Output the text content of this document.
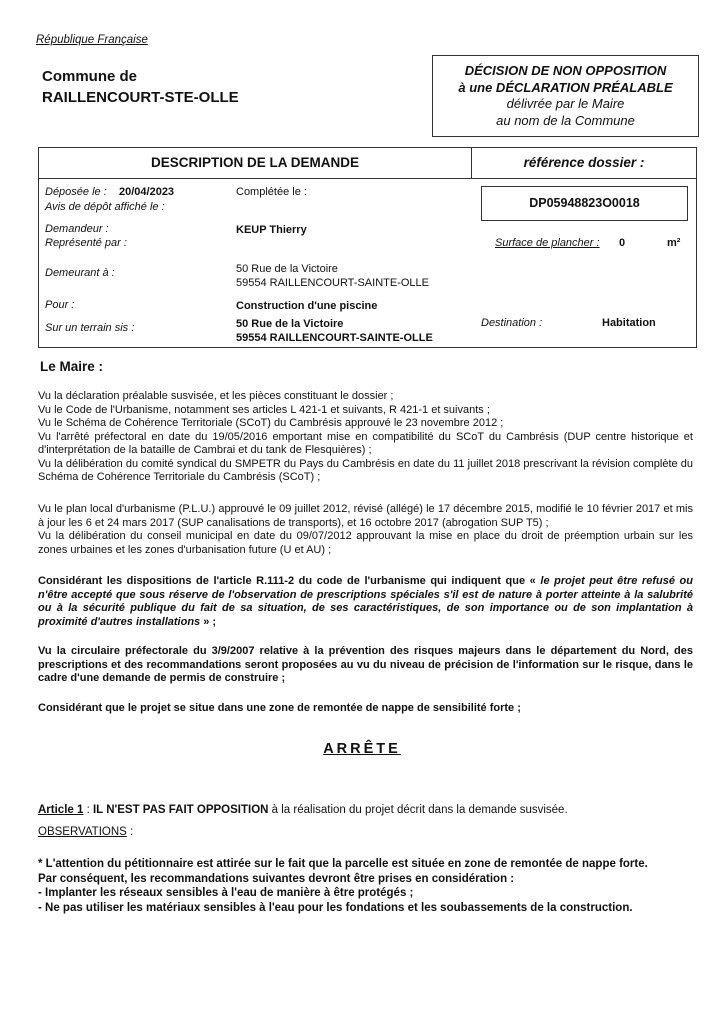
République Française
Commune de
RAILLENCOURT-STE-OLLE
DÉCISION DE NON OPPOSITION
à une DÉCLARATION PRÉALABLE
délivrée par le Maire
au nom de la Commune
DESCRIPTION DE LA DEMANDE	référence dossier :
DP05948823O0018
Déposée le : 20/04/2023	Complétée le :
Avis de dépôt affiché le :
Demandeur :	KEUP Thierry
Représenté par :	Surface de plancher : 0	m²
Demeurant à :	50 Rue de la Victoire
59554 RAILLENCOURT-SAINTE-OLLE
Pour :	Construction d'une piscine
Sur un terrain sis :	50 Rue de la Victoire
59554 RAILLENCOURT-SAINTE-OLLE
Destination :	Habitation
Le Maire :
Vu la déclaration préalable susvisée, et les pièces constituant le dossier ;
Vu le Code de l'Urbanisme, notamment ses articles L 421-1 et suivants, R 421-1 et suivants ;
Vu le Schéma de Cohérence Territoriale (SCoT) du Cambrésis approuvé le 23 novembre 2012 ;
Vu l'arrêté préfectoral en date du 19/05/2016 emportant mise en compatibilité du SCoT du Cambrésis (DUP centre historique et d'interprétation de la bataille de Cambrai et du tank de Flesquières) ;
Vu la délibération du comité syndical du SMPETR du Pays du Cambrésis en date du 11 juillet 2018 prescrivant la révision complète du Schéma de Cohérence Territoriale du Cambrésis (SCoT) ;
Vu le plan local d'urbanisme (P.L.U.) approuvé le 09 juillet 2012, révisé (allégé) le 17 décembre 2015, modifié le 10 février 2017 et mis à jour les 6 et 24 mars 2017 (SUP canalisations de transports), et 16 octobre 2017 (abrogation SUP T5) ;
Vu la délibération du conseil municipal en date du 09/07/2012 approuvant la mise en place du droit de préemption urbain sur les zones urbaines et les zones d'urbanisation future (U et AU) ;
Considérant les dispositions de l'article R.111-2 du code de l'urbanisme qui indiquent que « le projet peut être refusé ou n'être accepté que sous réserve de l'observation de prescriptions spéciales s'il est de nature à porter atteinte à la salubrité ou à la sécurité publique du fait de sa situation, de ses caractéristiques, de son importance ou de son implantation à proximité d'autres installations » ;
Vu la circulaire préfectorale du 3/9/2007 relative à la prévention des risques majeurs dans le département du Nord, des prescriptions et des recommandations seront proposées au vu du niveau de précision de l'information sur le risque, dans le cadre d'une demande de permis de construire ;
Considérant que le projet se situe dans une zone de remontée de nappe de sensibilité forte ;
ARRÊTE
Article 1 : IL N'EST PAS FAIT OPPOSITION à la réalisation du projet décrit dans la demande susvisée.
OBSERVATIONS :
* L'attention du pétitionnaire est attirée sur le fait que la parcelle est située en zone de remontée de nappe forte.
Par conséquent, les recommandations suivantes devront être prises en considération :
- Implanter les réseaux sensibles à l'eau de manière à être protégés ;
- Ne pas utiliser les matériaux sensibles à l'eau pour les fondations et les soubassements de la construction.
